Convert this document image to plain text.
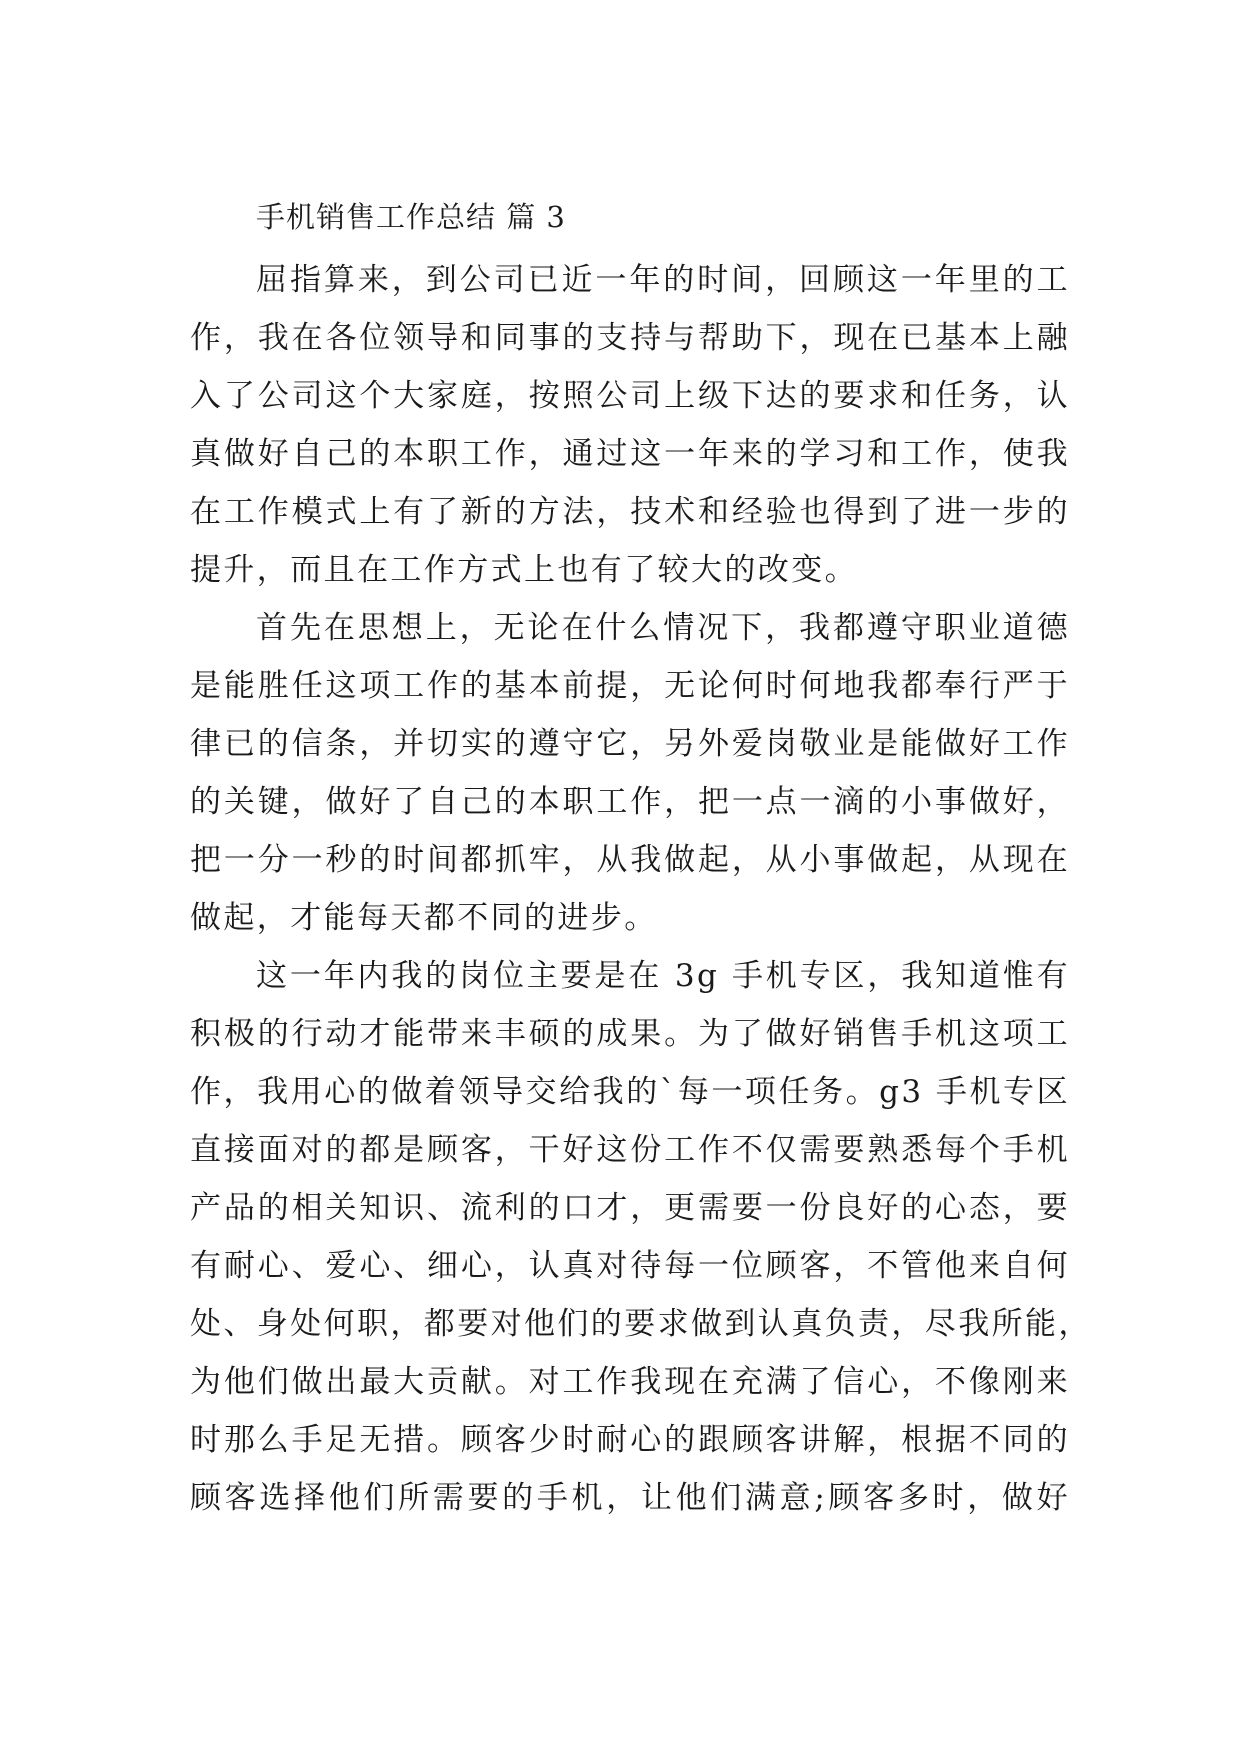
手机销售工作总结 篇 3

屈指算来，到公司已近一年的时间，回顾这一年里的工

作，我在各位领导和同事的支持与帮助下，现在已基本上融

入了公司这个大家庭，按照公司上级下达的要求和任务，认

真做好自己的本职工作，通过这一年来的学习和工作，使我

在工作模式上有了新的方法，技术和经验也得到了进一步的

提升，而且在工作方式上也有了较大的改变。

首先在思想上，无论在什么情况下，我都遵守职业道德

是能胜任这项工作的基本前提，无论何时何地我都奉行严于

律已的信条，并切实的遵守它，另外爱岗敬业是能做好工作

的关键，做好了自己的本职工作，把一点一滴的小事做好，

把一分一秒的时间都抓牢，从我做起，从小事做起，从现在

做起，才能每天都不同的进步。

这一年内我的岗位主要是在 3g 手机专区，我知道惟有

积极的行动才能带来丰硕的成果。为了做好销售手机这项工

作，我用心的做着领导交给我的`每一项任务。g3 手机专区

直接面对的都是顾客，干好这份工作不仅需要熟悉每个手机

产品的相关知识、流利的口才，更需要一份良好的心态，要

有耐心、爱心、细心，认真对待每一位顾客，不管他来自何

处、身处何职，都要对他们的要求做到认真负责，尽我所能，

为他们做出最大贡献。对工作我现在充满了信心，不像刚来

时那么手足无措。顾客少时耐心的跟顾客讲解，根据不同的

顾客选择他们所需要的手机，让他们满意;顾客多时，做好
